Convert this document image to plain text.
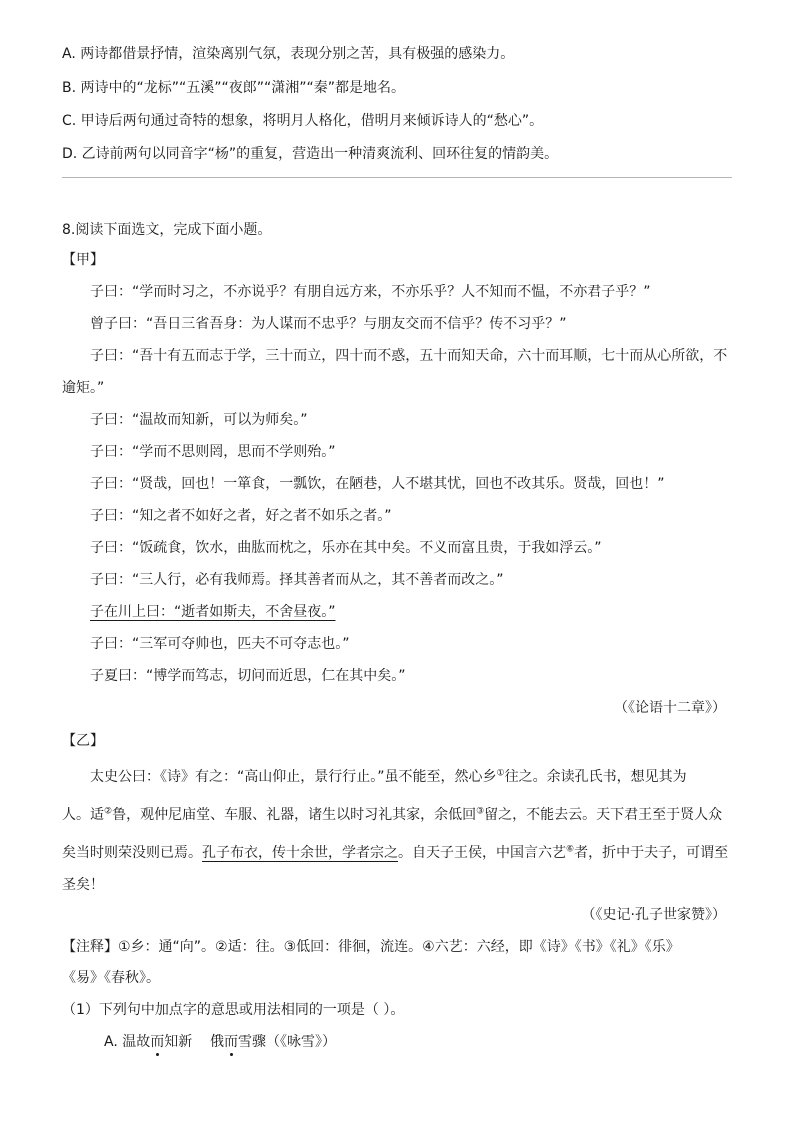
A. 两诗都借景抒情，渲染离别气氛，表现分别之苦，具有极强的感染力。
B. 两诗中的“龙标”“五溪”“夜郎”“潇湘”“秦”都是地名。
C. 甲诗后两句通过奇特的想象，将明月人格化，借明月来倾诉诗人的“愁心”。
D. 乙诗前两句以同音字“杨”的重复，营造出一种清爽流利、回环往复的情韵美。
8.阅读下面选文，完成下面小题。
【甲】
子曰：“学而时习之，不亦说乎？有朋自远方来，不亦乐乎？人不知而不愠，不亦君子乎？”
曾子曰：“吾日三省吾身：为人谋而不忠乎？与朋友交而不信乎？传不习乎？”
子曰：“吾十有五而志于学，三十而立，四十而不惑，五十而知天命，六十而耳顺，七十而从心所欲，不
逾矩。”
子曰：“温故而知新，可以为师矣。”
子曰：“学而不思则罔，思而不学则殆。”
子曰：“贤哉，回也！一箪食，一瓢饮，在陋巷，人不堪其忧，回也不改其乐。贤哉，回也！”
子曰：“知之者不如好之者，好之者不如乐之者。”
子曰：“饭疏食，饮水，曲肱而枕之，乐亦在其中矣。不义而富且贵，于我如浮云。”
子曰：“三人行，必有我师焉。择其善者而从之，其不善者而改之。”
子在川上曰：“逝者如斯夫，不舍昼夜。”
子曰：“三军可夺帅也，匹夫不可夺志也。”
子夏曰：“博学而笃志，切问而近思，仁在其中矣。”
（《论语十二章》）
【乙】
太史公曰：《诗》有之：“高山仰止，景行行止。”虽不能至，然心乡①往之。余读孔氏书，想见其为
人。适②鲁，观仲尼庙堂、车服、礼器，诸生以时习礼其家，余低回③留之，不能去云。天下君王至于贤人众
矣当时则荣没则已焉。孔子布衣，传十余世，学者宗之。自天子王侯，中国言六艺⑥者，折中于夫子，可谓至
圣矣！
（《史记·孔子世家赞》）
【注释】①乡：通“向”。②适：往。③低回：徘徊，流连。④六艺：六经，即《诗》《书》《礼》《乐》
《易》《春秋》。
（1）下列句中加点字的意思或用法相同的一项是（ ）。
A. 温故而知新 俄而雪骤（《咏雪》）
